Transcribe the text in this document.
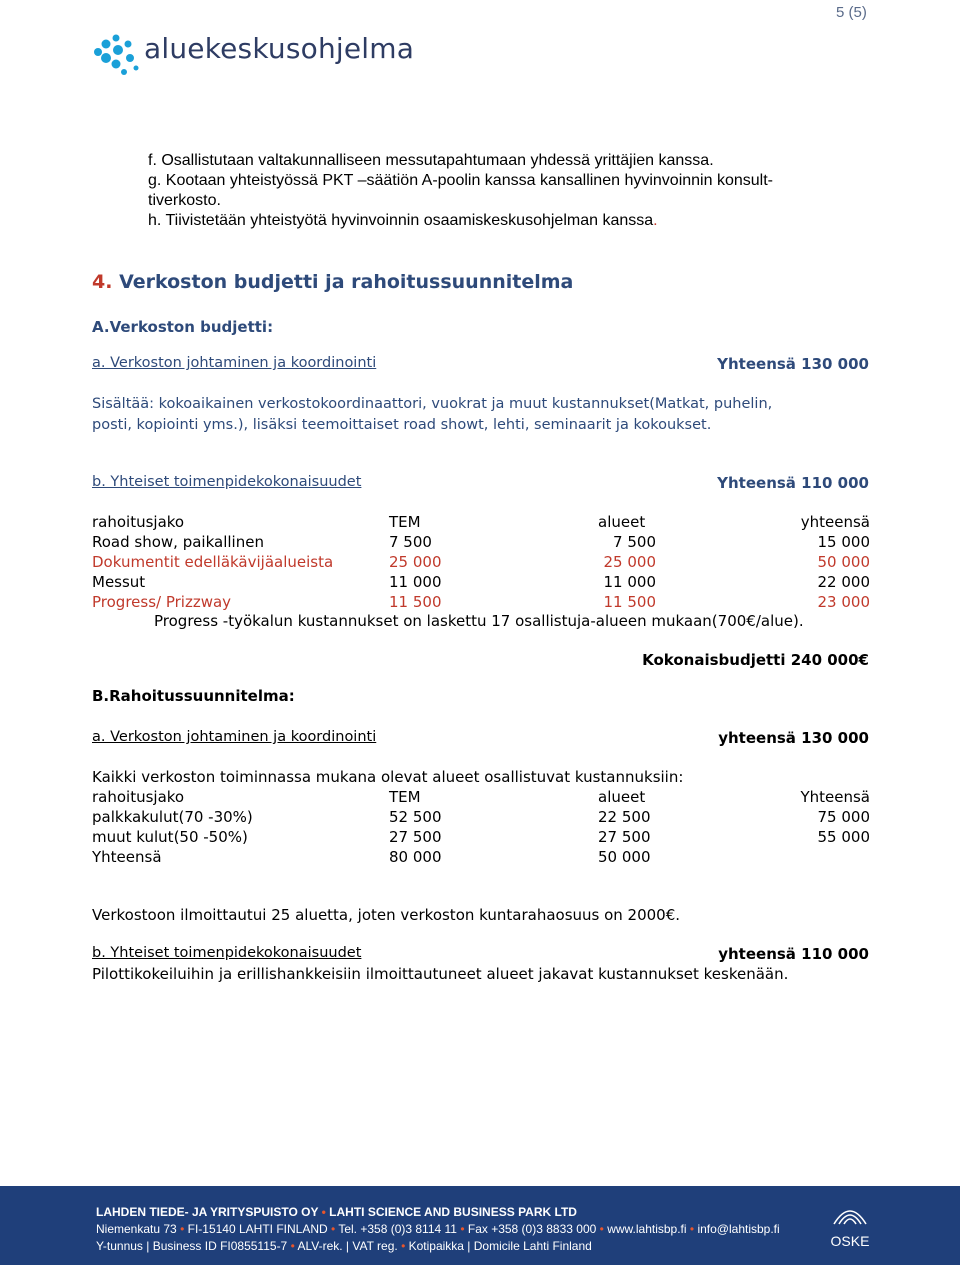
5 (5)
aluekeskusohjelma
f. Osallistutaan valtakunnalliseen messutapahtumaan yhdessä yrittäjien kanssa.
g. Kootaan yhteistyössä PKT –säätiön A-poolin kanssa kansallinen hyvinvoinnin konsult-
tiverkosto.
h. Tiivistetään yhteistyötä hyvinvoinnin osaamiskeskusohjelman kanssa.
4. Verkoston budjetti ja rahoitussuunnitelma
A.Verkoston budjetti:
a. Verkoston johtaminen ja koordinointi	Yhteensä 130 000
Sisältää: kokoaikainen verkostokoordinaattori, vuokrat ja muut kustannukset(Matkat, puhelin,
posti, kopiointi yms.), lisäksi teemoittaiset road showt, lehti, seminaarit ja kokoukset.
b. Yhteiset toimenpidekokonaisuudet	Yhteensä 110 000
rahoitusjako	TEM	alueet	yhteensä
Road show, paikallinen	7 500	7 500	15 000
Dokumentit edelläkävijäalueista	25 000	25 000	50 000
Messut	11 000	11 000	22 000
Progress/ Prizzway	11 500	11 500	23 000
Progress -työkalun kustannukset on laskettu 17 osallistuja-alueen mukaan(700€/alue).
Kokonaisbudjetti 240 000€
B.Rahoitussuunnitelma:
a. Verkoston johtaminen ja koordinointi	yhteensä 130 000
Kaikki verkoston toiminnassa mukana olevat alueet osallistuvat kustannuksiin:
rahoitusjako	TEM	alueet	Yhteensä
palkkakulut(70 -30%)	52 500	22 500	75 000
muut kulut(50 -50%)	27 500	27 500	55 000
Yhteensä	80 000	50 000
Verkostoon ilmoittautui 25 aluetta, joten verkoston kuntarahaosuus on 2000€.
b. Yhteiset toimenpidekokonaisuudet	yhteensä 110 000
Pilottikokeiluihin ja erillishankkeisiin ilmoittautuneet alueet jakavat kustannukset keskenään.
LAHDEN TIEDE- JA YRITYSPUISTO OY • LAHTI SCIENCE AND BUSINESS PARK LTD
Niemenkatu 73 • FI-15140 LAHTI FINLAND • Tel. +358 (0)3 8114 11 • Fax +358 (0)3 8833 000 • www.lahtisbp.fi • info@lahtisbp.fi
Y-tunnus | Business ID FI0855115-7 • ALV-rek. | VAT reg. • Kotipaikka | Domicile Lahti Finland	OSKE
